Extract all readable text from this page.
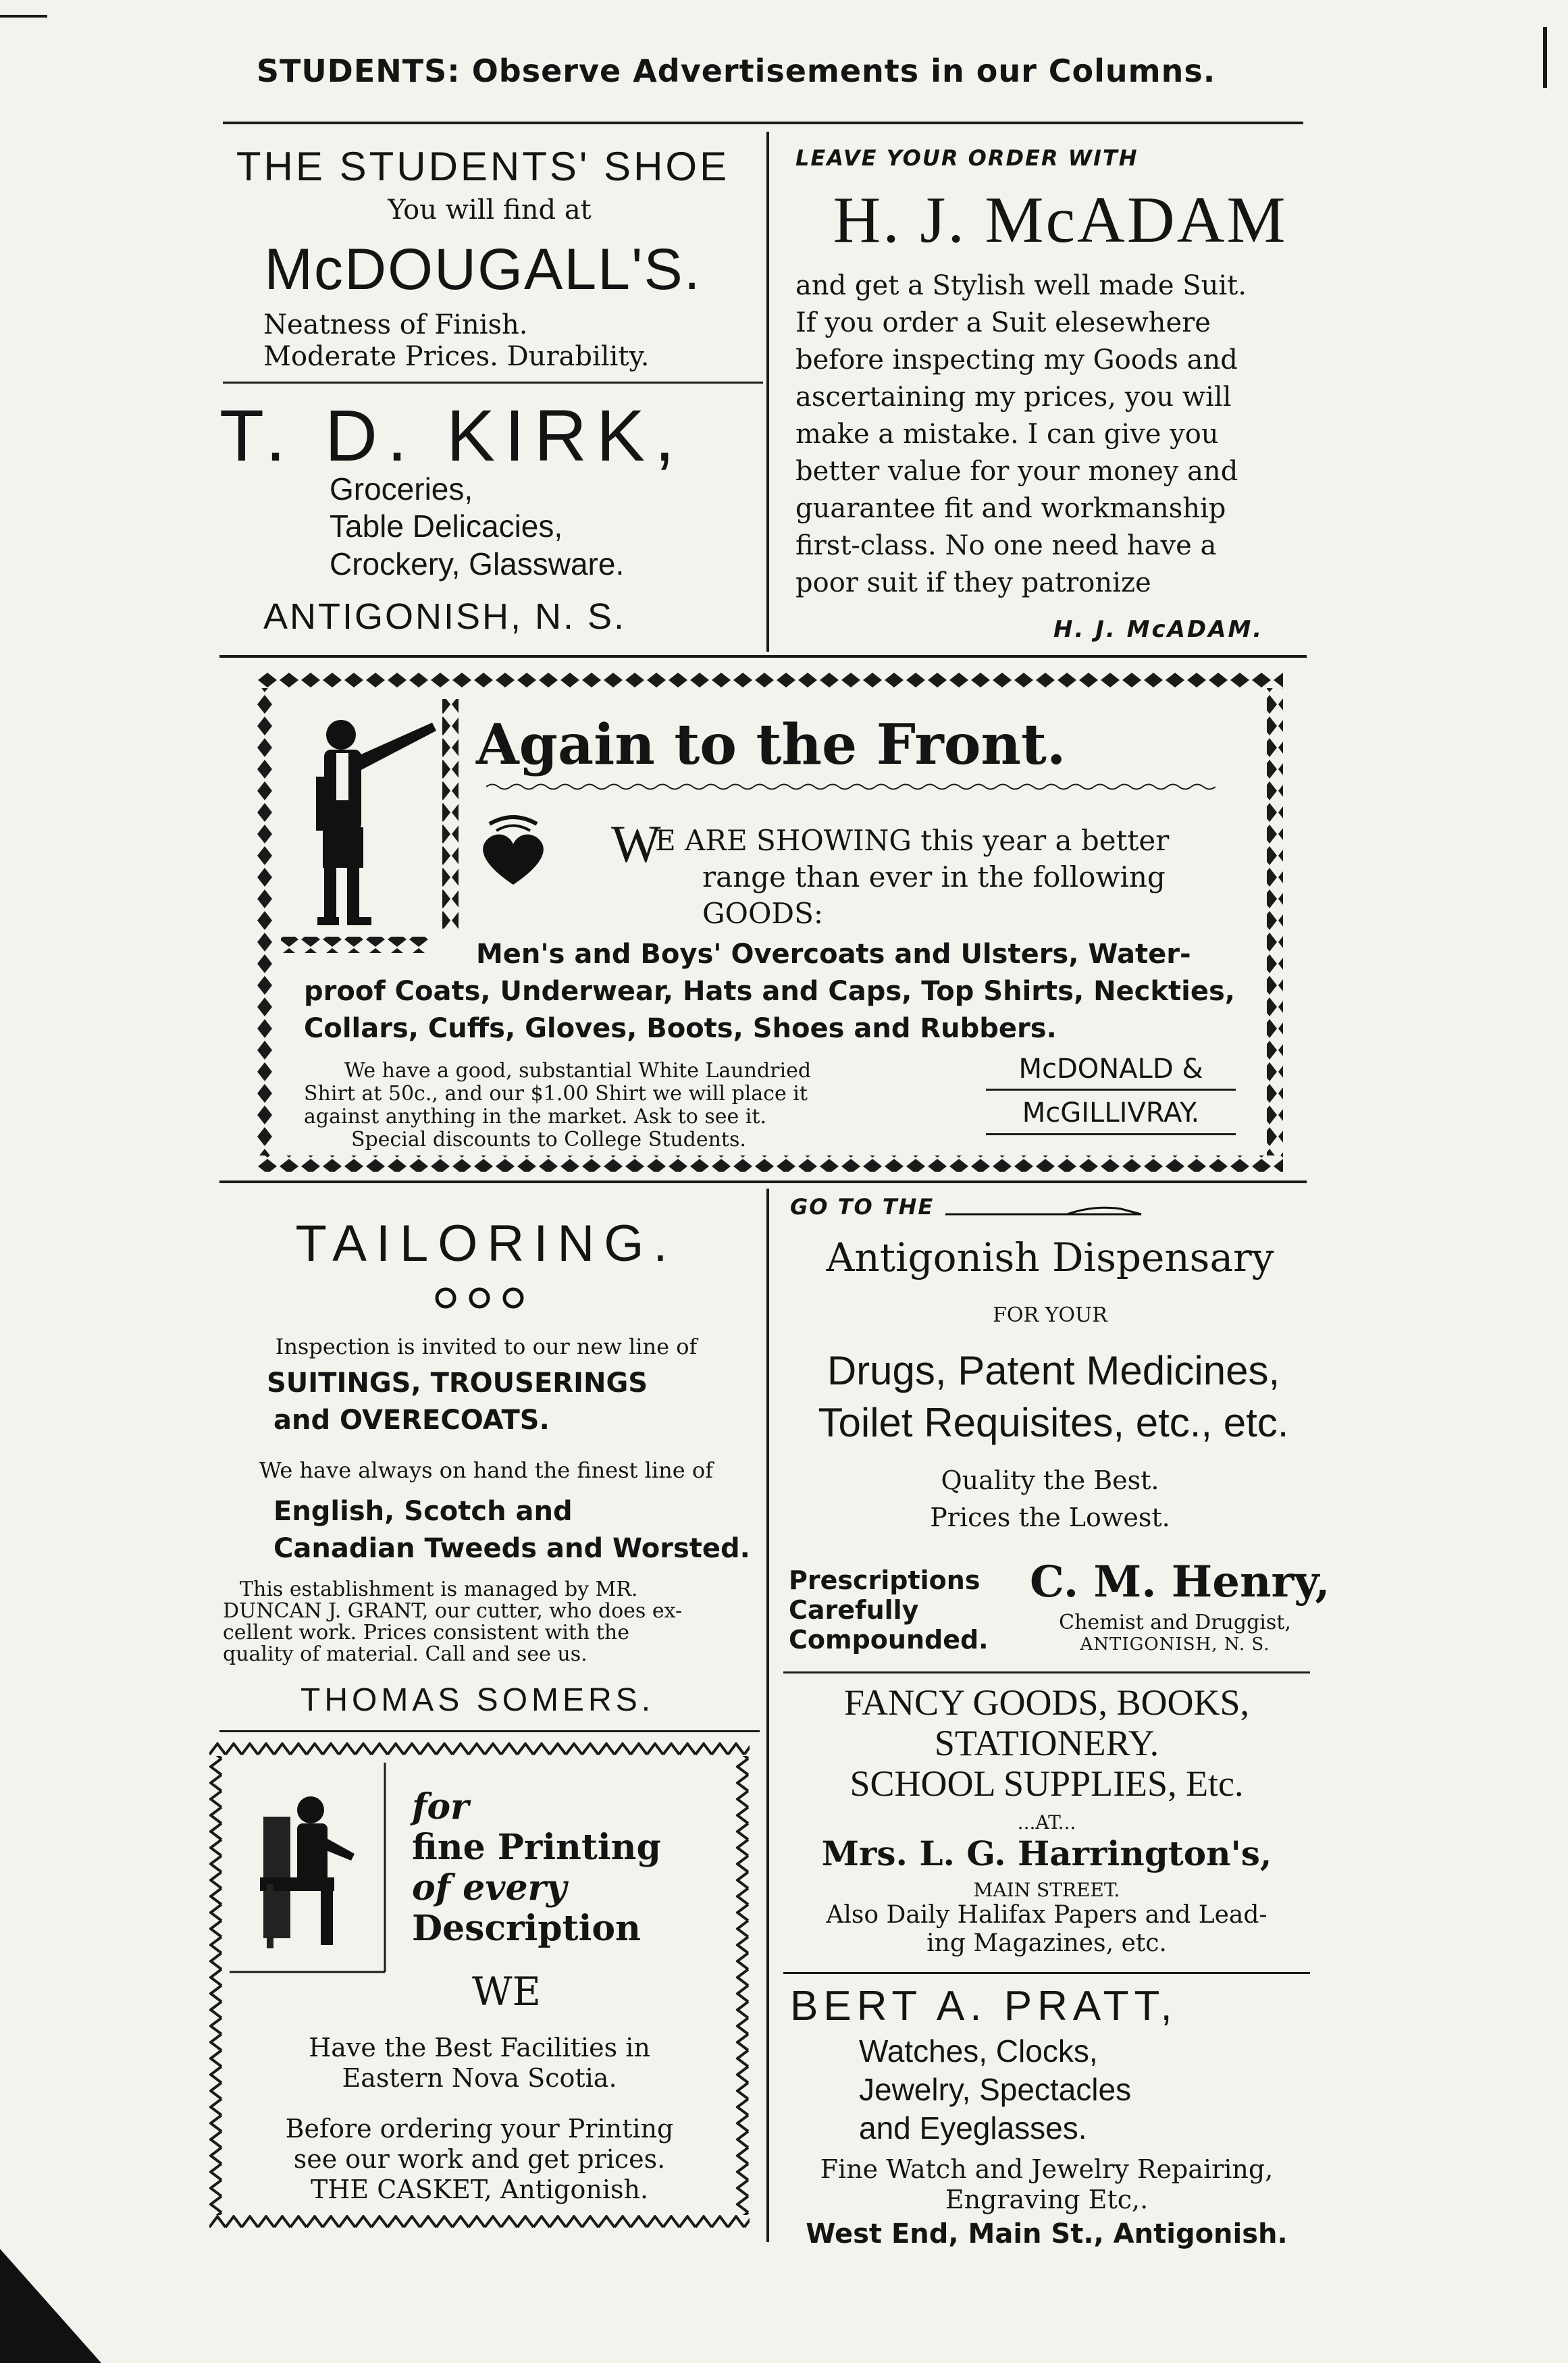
STUDENTS: Observe Advertisements in our Columns.
THE STUDENTS' SHOE
You will find at
McDOUGALL'S.
Neatness of Finish.
Moderate Prices. Durability.
T. D. KIRK,
Groceries,
Table Delicacies,
Crockery, Glassware.
ANTIGONISH, N. S.
LEAVE YOUR ORDER WITH
H. J. McADAM
and get a Stylish well made Suit.
If you order a Suit elesewhere
before inspecting my Goods and
ascertaining my prices, you will
make a mistake. I can give you
better value for your money and
guarantee fit and workmanship
first-class. No one need have a
poor suit if they patronize
H. J. McADAM.
Again to the Front.
W
E ARE SHOWING this year a better
range than ever in the following
GOODS:
Men's and Boys' Overcoats and Ulsters, Water-
proof Coats, Underwear, Hats and Caps, Top Shirts, Neckties,
Collars, Cuffs, Gloves, Boots, Shoes and Rubbers.
We have a good, substantial White Laundried
Shirt at 50c., and our $1.00 Shirt we will place it
against anything in the market. Ask to see it.
Special discounts to College Students.
McDONALD &
McGILLIVRAY.
TAILORING.
Inspection is invited to our new line of
SUITINGS, TROUSERINGS
and OVERECOATS.
We have always on hand the finest line of
English, Scotch and
Canadian Tweeds and Worsted.
This establishment is managed by MR.
DUNCAN J. GRANT, our cutter, who does ex-
cellent work. Prices consistent with the
quality of material. Call and see us.
THOMAS SOMERS.
for
fine Printing
of every
Description
WE
Have the Best Facilities in
Eastern Nova Scotia.
Before ordering your Printing
see our work and get prices.
THE CASKET, Antigonish.
GO TO THE
Antigonish Dispensary
FOR YOUR
Drugs, Patent Medicines,
Toilet Requisites, etc., etc.
Quality the Best.
Prices the Lowest.
Prescriptions
Carefully
Compounded.
C. M. Henry,
Chemist and Druggist,
ANTIGONISH, N. S.
FANCY GOODS, BOOKS,
STATIONERY.
SCHOOL SUPPLIES, Etc.
...AT...
Mrs. L. G. Harrington's,
MAIN STREET.
Also Daily Halifax Papers and Lead-
ing Magazines, etc.
BERT A. PRATT,
Watches, Clocks,
Jewelry, Spectacles
and Eyeglasses.
Fine Watch and Jewelry Repairing,
Engraving Etc,.
West End, Main St., Antigonish.
